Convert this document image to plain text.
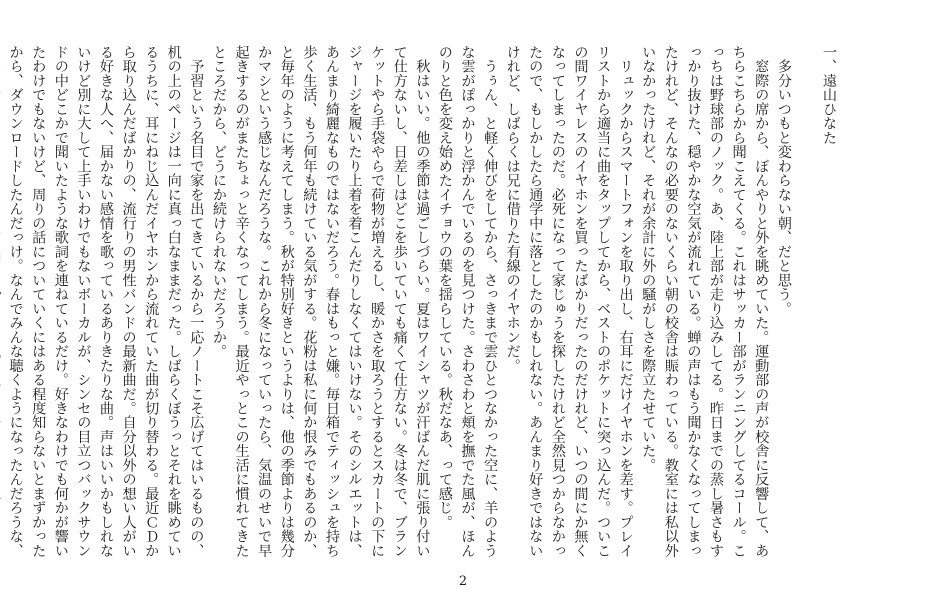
一、遠山ひなた

　多分いつもと変わらない朝、だと思う。

　窓際の席から、ぼんやりと外を眺めていた。運動部の声が校舎に反響して、あちらこちらから聞こえてくる。これはサッカー部がランニングしてるコール。こっちは野球部のノック。あ、陸上部が走り込みしてる。昨日までの蒸し暑さもすっかり抜けた、穏やかな空気が流れている。蝉の声はもう聞かなくなってしまったけれど、そんなの必要のないくらい朝の校舎は賑わっている。教室には私以外いなかったけれど、それが余計に外の騒がしさを際立たせていた。

　リュックからスマートフォンを取り出し、右耳にだけイヤホンを差す。プレイリストから適当に曲をタップしてから、ベストのポケットに突っ込んだ。ついこの間ワイヤレスのイヤホンを買ったばかりだったのだけれど、いつの間にか無くなってしまったのだ。必死になって家じゅうを探したけれど全然見つからなかったので、もしかしたら通学中に落としたのかもしれない。あんまり好きではないけれど、しばらくは兄に借りた有線のイヤホンだ。

　うぅん、と軽く伸びをしてから、さっきまで雲ひとつなかった空に、羊のような雲がぽっかりと浮かんでいるのを見つけた。さわさわと頬を撫でた風が、ほんのりと色を変え始めたイチョウの葉を揺らしている。秋だなあ、って感じ。

　秋はいい。他の季節は過ごしづらい。夏はワイシャツが汗ばんだ肌に張り付いて仕方ないし、日差しはどこを歩いていても痛くて仕方ない。冬は冬で、ブランケットやら手袋やらで荷物が増えるし、暖かさを取ろうとするとスカートの下にジャージを履いたり上着を着こんだりしなくてはいけない。そのシルエットは、あんまり綺麗なものではないだろう。春はもっと嫌。毎日箱でティッシュを持ち歩く生活、もう何年も続けている気がする。花粉は私に何か恨みでもあるのか、と毎年のように考えてしまう。秋が特別好きというよりは、他の季節よりは幾分かマシという感じなんだろうな。これから冬になっていったら、気温のせいで早起きするのがまたちょっと辛くなってしまう。最近やっとこの生活に慣れてきたところだから、どうにか続けられないだろうか。

　予習という名目で家を出てきているから一応ノートこそ広げてはいるものの、机の上のページは一向に真っ白なままだった。しばらくぼうっとそれを眺めているうちに、耳にねじ込んだイヤホンから流れていた曲が切り替わる。最近ＣＤから取り込んだばかりの、流行りの男性バンドの最新曲だ。自分以外の想い人がいる好きな人へ、届かない感情を歌っているありきたりな曲。声はいいかもしれないけど別に大して上手いわけでもないボーカルが、シンセの目立つバックサウンドの中どこかで聞いたような歌詞を連ねているだけ。好きなわけでも何かが響いたわけでもないけど、周りの話についていくにはある程度知らないとまずかったから、ダウンロードしたんだっけ。なんでみんな聴くようになったんだろうな、

2
